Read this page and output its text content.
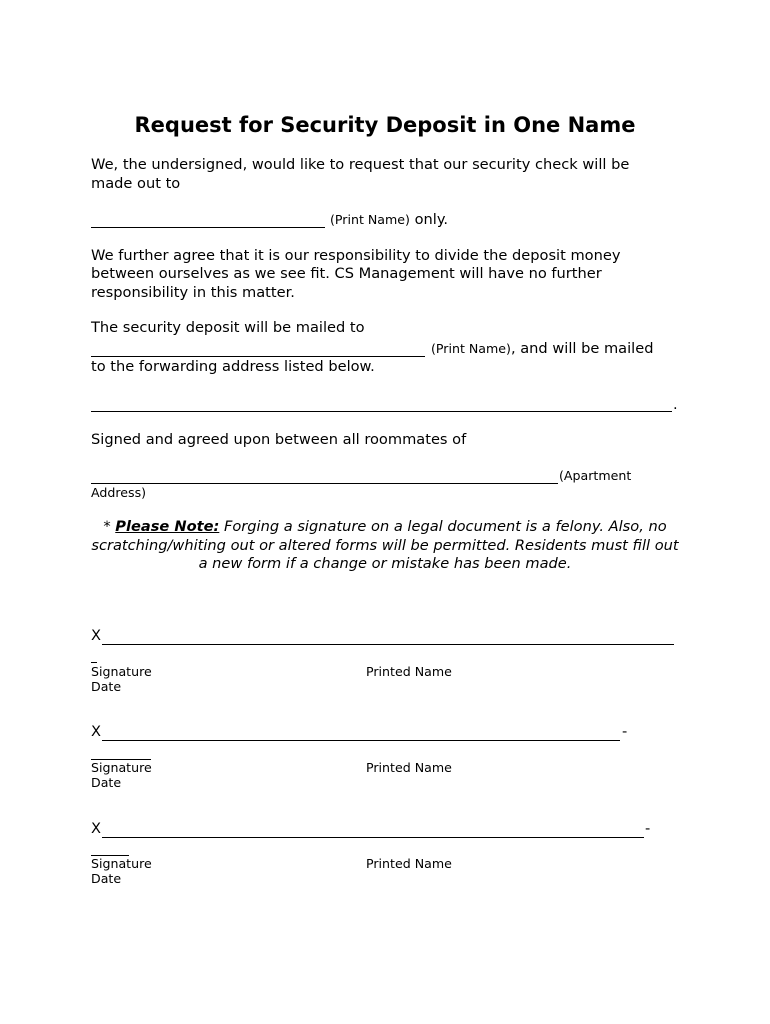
Request for Security Deposit in One Name
We, the undersigned, would like to request that our security check will be
made out to
(Print Name) only.
We further agree that it is our responsibility to divide the deposit money
between ourselves as we see fit. CS Management will have no further
responsibility in this matter.
The security deposit will be mailed to
(Print Name), and will be mailed
to the forwarding address listed below.
.
Signed and agreed upon between all roommates of
(Apartment
Address)
* Please Note: Forging a signature on a legal document is a felony. Also, no scratching/whiting out or altered forms will be permitted. Residents must fill out a new form if a change or mistake has been made.
X
Signature	Printed Name
Date
X	-
Signature	Printed Name
Date
X	-
Signature	Printed Name
Date
